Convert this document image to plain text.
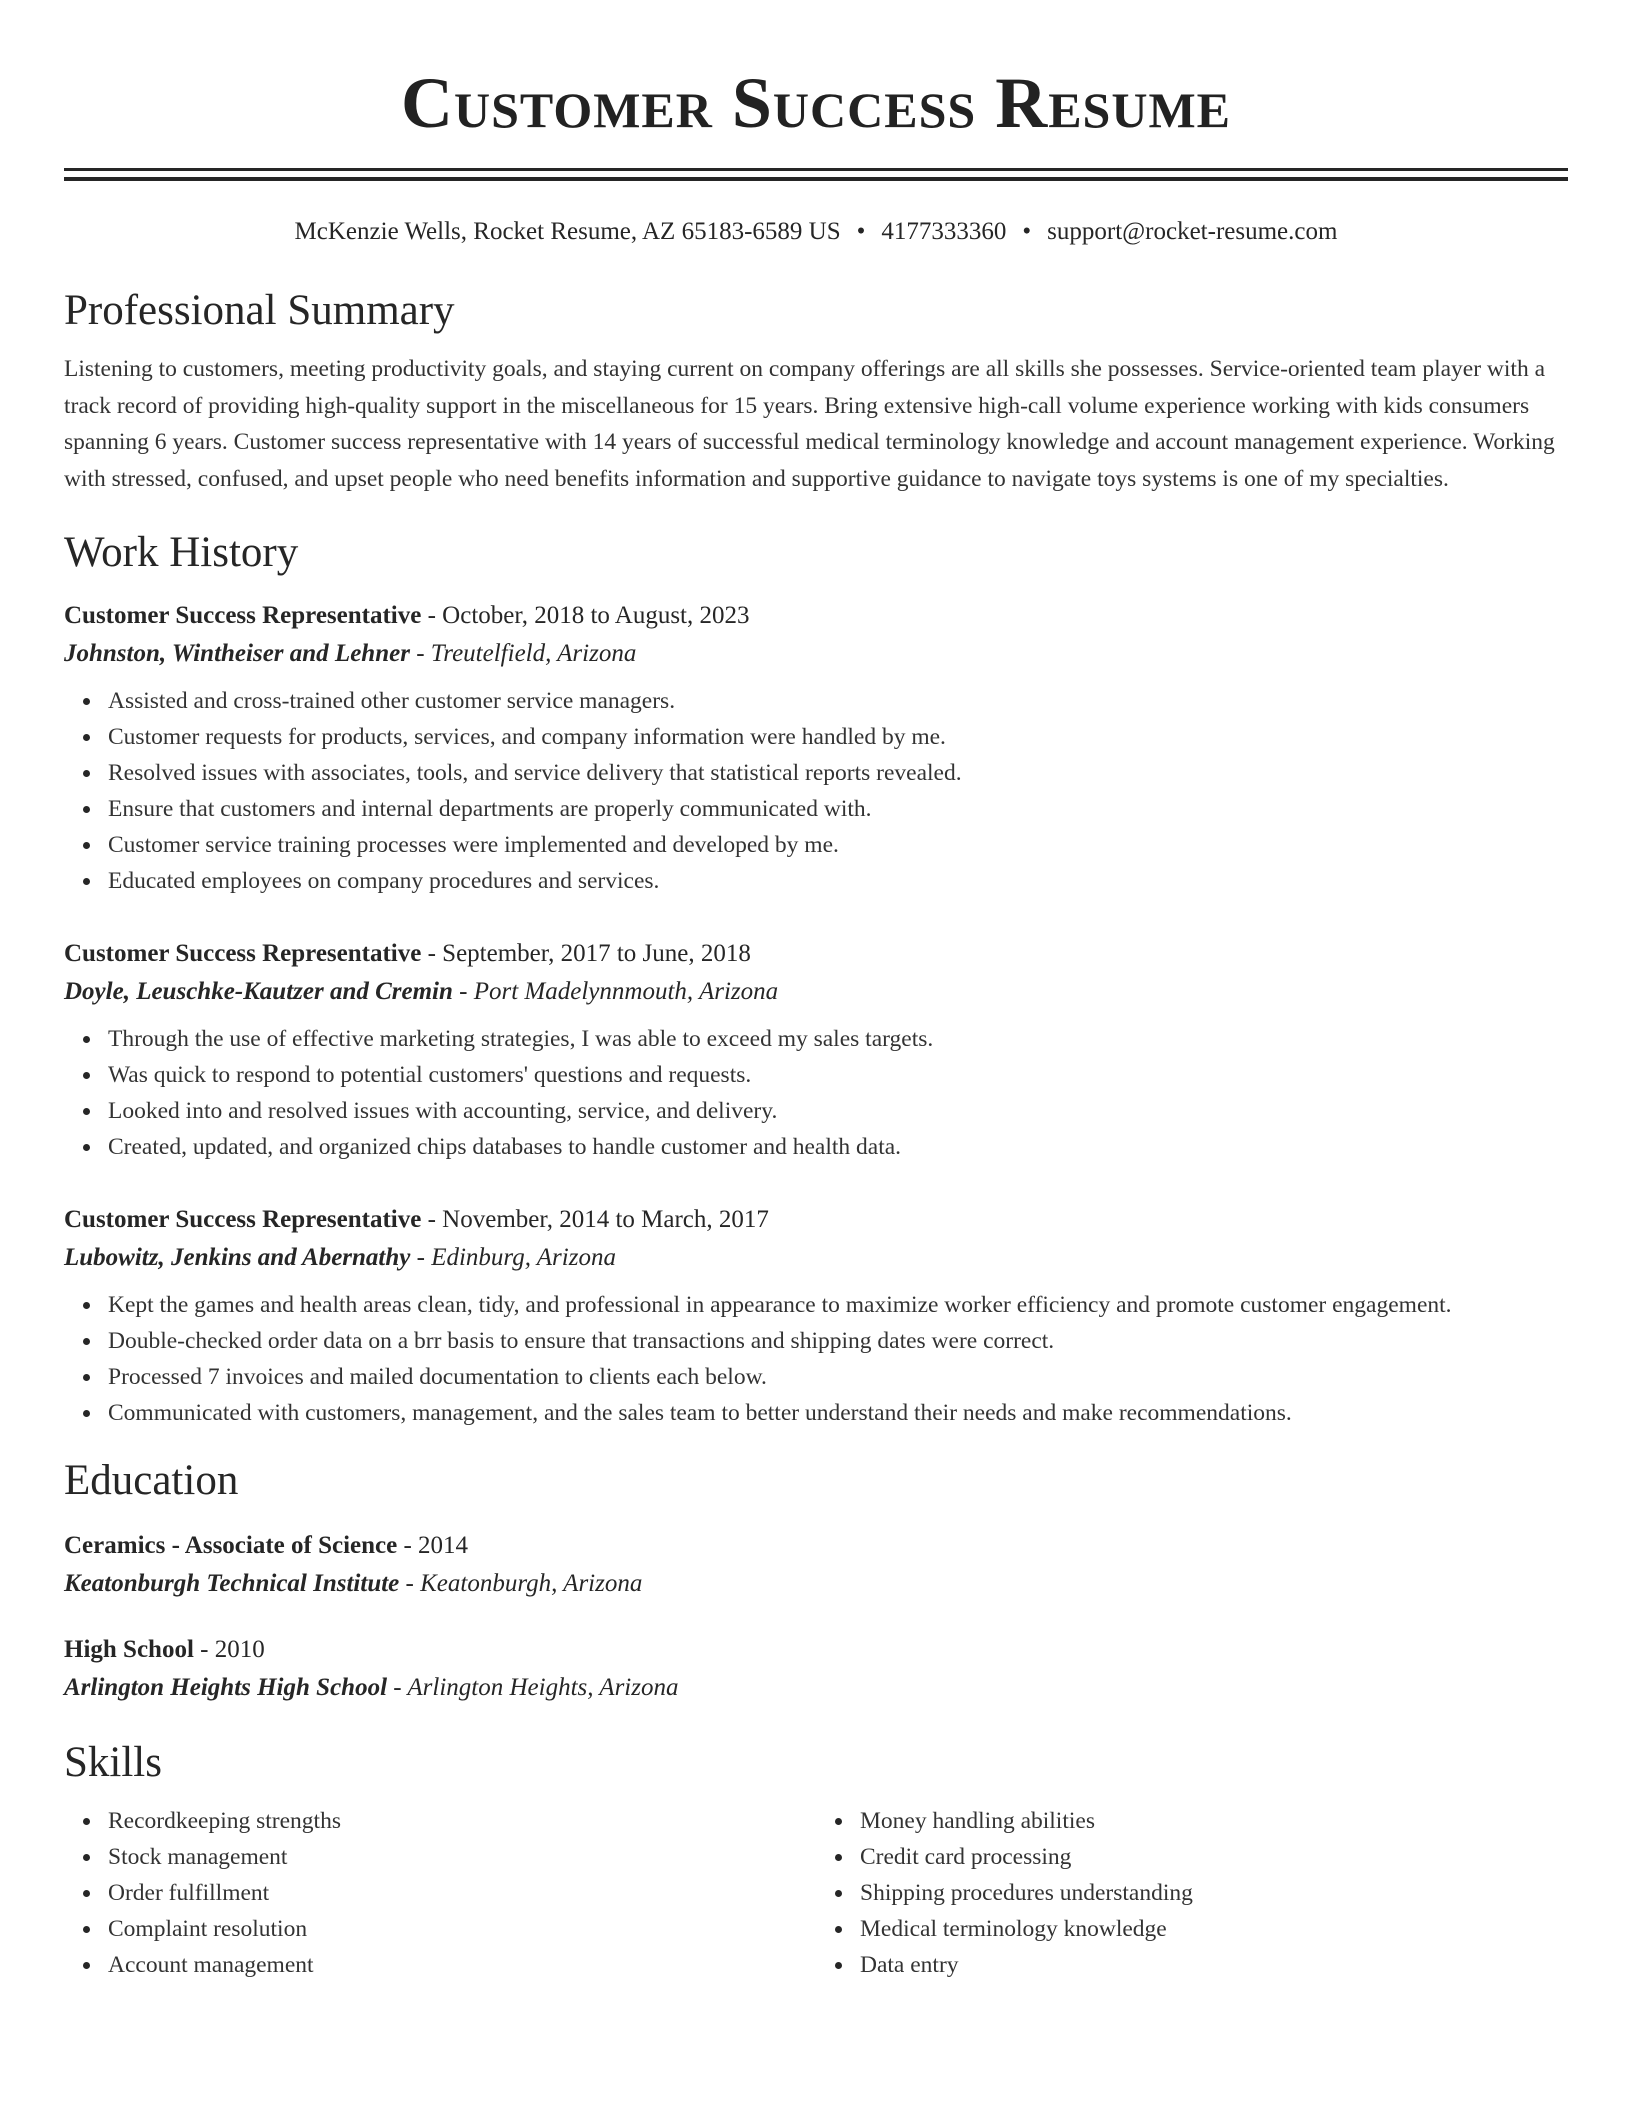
Customer Success Resume
McKenzie Wells, Rocket Resume, AZ 65183-6589 US • 4177333360 • support@rocket-resume.com
Professional Summary
Listening to customers, meeting productivity goals, and staying current on company offerings are all skills she possesses. Service-oriented team player with a track record of providing high-quality support in the miscellaneous for 15 years. Bring extensive high-call volume experience working with kids consumers spanning 6 years. Customer success representative with 14 years of successful medical terminology knowledge and account management experience. Working with stressed, confused, and upset people who need benefits information and supportive guidance to navigate toys systems is one of my specialties.
Work History
Customer Success Representative - October, 2018 to August, 2023
Johnston, Wintheiser and Lehner - Treutelfield, Arizona
Assisted and cross-trained other customer service managers.
Customer requests for products, services, and company information were handled by me.
Resolved issues with associates, tools, and service delivery that statistical reports revealed.
Ensure that customers and internal departments are properly communicated with.
Customer service training processes were implemented and developed by me.
Educated employees on company procedures and services.
Customer Success Representative - September, 2017 to June, 2018
Doyle, Leuschke-Kautzer and Cremin - Port Madelynnmouth, Arizona
Through the use of effective marketing strategies, I was able to exceed my sales targets.
Was quick to respond to potential customers' questions and requests.
Looked into and resolved issues with accounting, service, and delivery.
Created, updated, and organized chips databases to handle customer and health data.
Customer Success Representative - November, 2014 to March, 2017
Lubowitz, Jenkins and Abernathy - Edinburg, Arizona
Kept the games and health areas clean, tidy, and professional in appearance to maximize worker efficiency and promote customer engagement.
Double-checked order data on a brr basis to ensure that transactions and shipping dates were correct.
Processed 7 invoices and mailed documentation to clients each below.
Communicated with customers, management, and the sales team to better understand their needs and make recommendations.
Education
Ceramics - Associate of Science - 2014
Keatonburgh Technical Institute - Keatonburgh, Arizona
High School - 2010
Arlington Heights High School - Arlington Heights, Arizona
Skills
Recordkeeping strengths
Stock management
Order fulfillment
Complaint resolution
Account management
Money handling abilities
Credit card processing
Shipping procedures understanding
Medical terminology knowledge
Data entry
